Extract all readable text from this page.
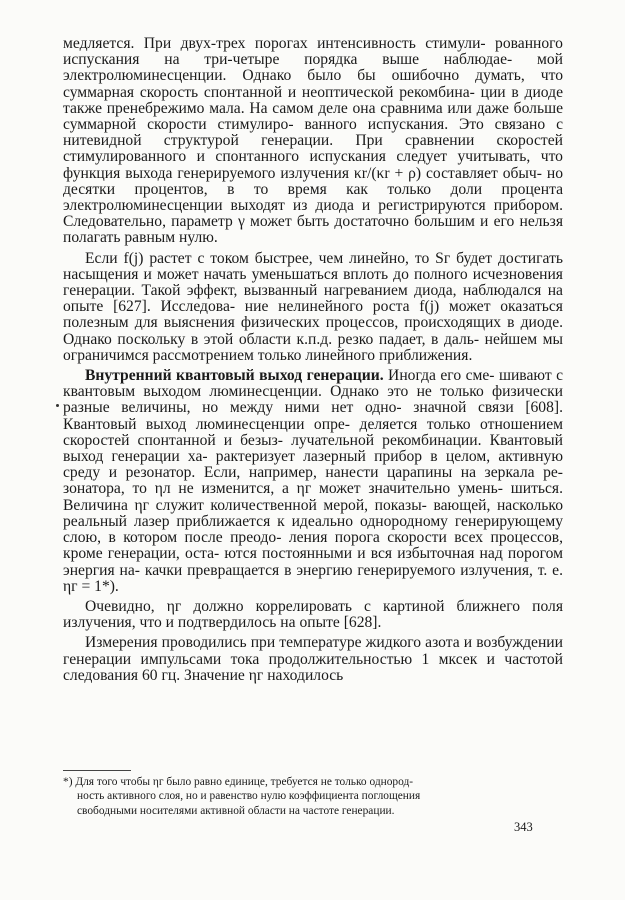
медляется. При двух-трех порогах интенсивность стимули- рованного испускания на три-четыре порядка выше наблюдае- мой электролюминесценции. Однако было бы ошибочно думать, что суммарная скорость спонтанной и неоптической рекомбина- ции в диоде также пренебрежимо мала. На самом деле она сравнима или даже больше суммарной скорости стимулиро- ванного испускания. Это связано с нитевидной структурой генерации. При сравнении скоростей стимулированного и спонтанного испускания следует учитывать, что функция выхода генерируемого излучения κr/(κr + ρ) составляет обыч- но десятки процентов, в то время как только доли процента электролюминесценции выходят из диода и регистрируются прибором. Следовательно, параметр γ может быть достаточно большим и его нельзя полагать равным нулю.

Если f(j) растет с током быстрее, чем линейно, то Sг будет достигать насыщения и может начать уменьшаться вплоть до полного исчезновения генерации. Такой эффект, вызванный нагреванием диода, наблюдался на опыте [627]. Исследова- ние нелинейного роста f(j) может оказаться полезным для выяснения физических процессов, происходящих в диоде. Однако поскольку в этой области к.п.д. резко падает, в даль- нейшем мы ограничимся рассмотрением только линейного приближения.

Внутренний квантовый выход генерации. Иногда его сме- шивают с квантовым выходом люминесценции. Однако это не только физически разные величины, но между ними нет одно- значной связи [608]. Квантовый выход люминесценции опре- деляется только отношением скоростей спонтанной и безыз- лучательной рекомбинации. Квантовый выход генерации ха- рактеризует лазерный прибор в целом, активную среду и резонатор. Если, например, нанести царапины на зеркала ре- зонатора, то ηл не изменится, а ηг может значительно умень- шиться. Величина ηг служит количественной мерой, показы- вающей, насколько реальный лазер приближается к идеально однородному генерирующему слою, в котором после преодо- ления порога скорости всех процессов, кроме генерации, оста- ются постоянными и вся избыточная над порогом энергия на- качки превращается в энергию генерируемого излучения, т. е. ηг = 1*).

Очевидно, ηг должно коррелировать с картиной ближнего поля излучения, что и подтвердилось на опыте [628].

Измерения проводились при температуре жидкого азота и возбуждении генерации импульсами тока продолжительностью 1 мксек и частотой следования 60 гц. Значение ηг находилось

*) Для того чтобы ηг было равно единице, требуется не только однород-
ность активного слоя, но и равенство нулю коэффициента поглощения
свободными носителями активной области на частоте генерации.
343
